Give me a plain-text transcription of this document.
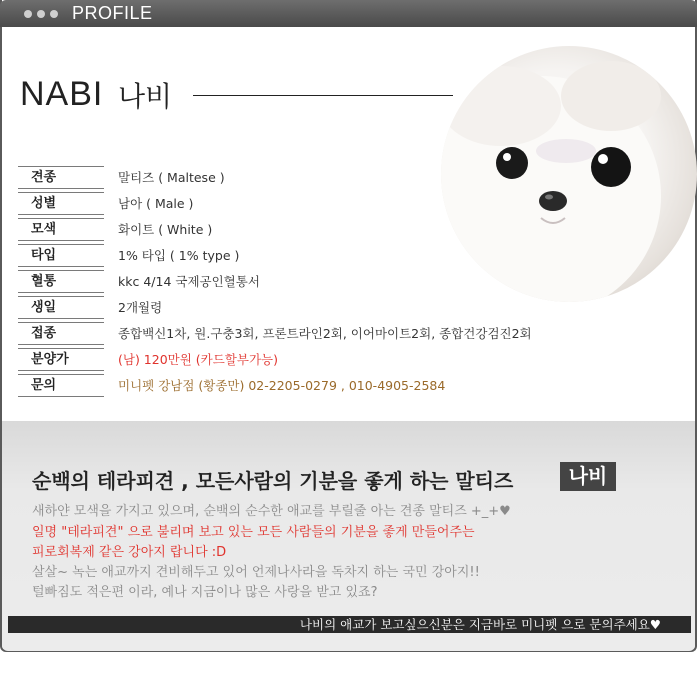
PROFILE
NABI 나비
견종	말티즈 ( Maltese )
성별	남아 ( Male )
모색	화이트 ( White )
타입	1% 타입 ( 1% type )
혈통	kkc 4/14 국제공인혈통서
생일	2개월령
접종	종합백신1차, 원.구충3회, 프론트라인2회, 이어마이트2회, 종합건강검진2회
분양가	(남) 120만원 (카드할부가능)
문의	미니펫 강남점 (황종만) 02-2205-0279 , 010-4905-2584
순백의 테라피견 , 모든사람의 기분을 좋게 하는 말티즈	나비
새하얀 모색을 가지고 있으며, 순백의 순수한 애교를 부릴줄 아는 견종 말티즈 +_+♥
일명 "테라피견" 으로 불리며 보고 있는 모든 사람들의 기분을 좋게 만들어주는
피로회복제 같은 강아지 랍니다 :D
살살~ 녹는 애교까지 견비해두고 있어 언제나사라을 독차지 하는 국민 강아지!!
털빠짐도 적은편 이라, 예나 지금이나 많은 사랑을 받고 있죠?
나비의 애교가 보고싶으신분은 지금바로 미니펫 으로 문의주세요♥
